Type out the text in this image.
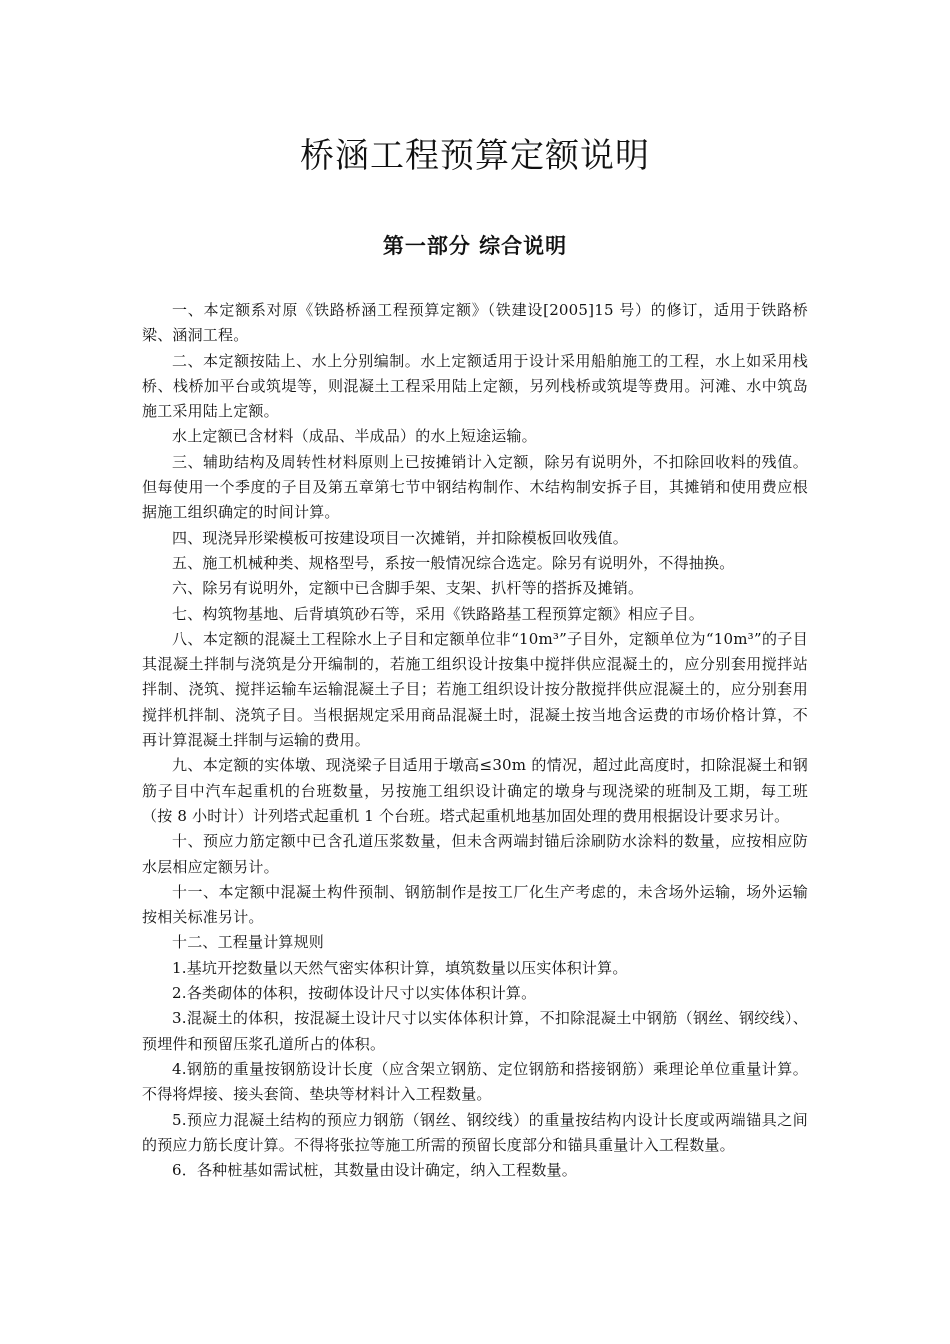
桥涵工程预算定额说明
第一部分 综合说明

一、本定额系对原《铁路桥涵工程预算定额》（铁建设[2005]15 号）的修订，适用于铁路桥梁、涵洞工程。

二、本定额按陆上、水上分别编制。水上定额适用于设计采用船舶施工的工程，水上如采用栈桥、栈桥加平台或筑堤等，则混凝土工程采用陆上定额，另列栈桥或筑堤等费用。河滩、水中筑岛施工采用陆上定额。

水上定额已含材料（成品、半成品）的水上短途运输。

三、辅助结构及周转性材料原则上已按摊销计入定额，除另有说明外，不扣除回收料的残值。但每使用一个季度的子目及第五章第七节中钢结构制作、木结构制安拆子目，其摊销和使用费应根据施工组织确定的时间计算。

四、现浇异形梁模板可按建设项目一次摊销，并扣除模板回收残值。

五、施工机械种类、规格型号，系按一般情况综合选定。除另有说明外，不得抽换。

六、除另有说明外，定额中已含脚手架、支架、扒杆等的搭拆及摊销。

七、构筑物基地、后背填筑砂石等，采用《铁路路基工程预算定额》相应子目。

八、本定额的混凝土工程除水上子目和定额单位非“10m³”子目外，定额单位为“10m³”的子目其混凝土拌制与浇筑是分开编制的，若施工组织设计按集中搅拌供应混凝土的，应分别套用搅拌站拌制、浇筑、搅拌运输车运输混凝土子目；若施工组织设计按分散搅拌供应混凝土的，应分别套用搅拌机拌制、浇筑子目。当根据规定采用商品混凝土时，混凝土按当地含运费的市场价格计算，不再计算混凝土拌制与运输的费用。

九、本定额的实体墩、现浇梁子目适用于墩高≤30m 的情况，超过此高度时，扣除混凝土和钢筋子目中汽车起重机的台班数量，另按施工组织设计确定的墩身与现浇梁的班制及工期，每工班（按 8 小时计）计列塔式起重机 1 个台班。塔式起重机地基加固处理的费用根据设计要求另计。

十、预应力筋定额中已含孔道压浆数量，但未含两端封锚后涂刷防水涂料的数量，应按相应防水层相应定额另计。

十一、本定额中混凝土构件预制、钢筋制作是按工厂化生产考虑的，未含场外运输，场外运输按相关标准另计。

十二、工程量计算规则

1.基坑开挖数量以天然气密实体积计算，填筑数量以压实体积计算。

2.各类砌体的体积，按砌体设计尺寸以实体体积计算。

3.混凝土的体积，按混凝土设计尺寸以实体体积计算，不扣除混凝土中钢筋（钢丝、钢绞线）、预埋件和预留压浆孔道所占的体积。

4.钢筋的重量按钢筋设计长度（应含架立钢筋、定位钢筋和搭接钢筋）乘理论单位重量计算。不得将焊接、接头套筒、垫块等材料计入工程数量。

5.预应力混凝土结构的预应力钢筋（钢丝、钢绞线）的重量按结构内设计长度或两端锚具之间的预应力筋长度计算。不得将张拉等施工所需的预留长度部分和锚具重量计入工程数量。

6．各种桩基如需试桩，其数量由设计确定，纳入工程数量。
